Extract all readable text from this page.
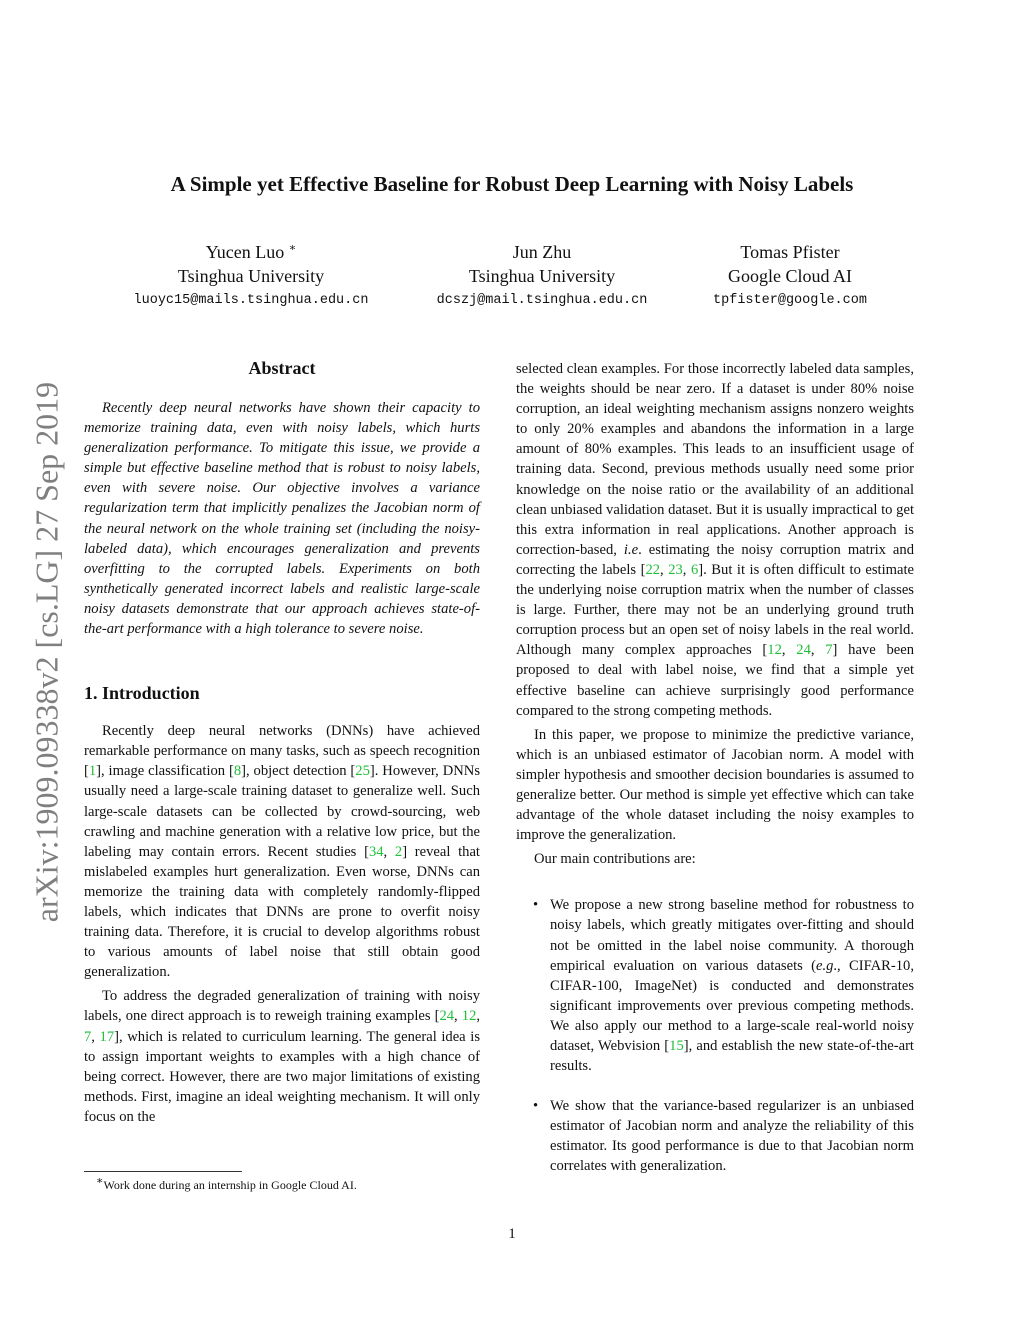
A Simple yet Effective Baseline for Robust Deep Learning with Noisy Labels
Yucen Luo ∗
Tsinghua University
luoyc15@mails.tsinghua.edu.cn
Jun Zhu
Tsinghua University
dcszj@mail.tsinghua.edu.cn
Tomas Pfister
Google Cloud AI
tpfister@google.com
arXiv:1909.09338v2 [cs.LG] 27 Sep 2019
Abstract

Recently deep neural networks have shown their capacity to memorize training data, even with noisy labels, which hurts generalization performance. To mitigate this issue, we provide a simple but effective baseline method that is robust to noisy labels, even with severe noise. Our objective involves a variance regularization term that implicitly penalizes the Jacobian norm of the neural network on the whole training set (including the noisy-labeled data), which encourages generalization and prevents overfitting to the corrupted labels. Experiments on both synthetically generated incorrect labels and realistic large-scale noisy datasets demonstrate that our approach achieves state-of-the-art performance with a high tolerance to severe noise.

1. Introduction

Recently deep neural networks (DNNs) have achieved remarkable performance on many tasks, such as speech recognition [1], image classification [8], object detection [25]. However, DNNs usually need a large-scale training dataset to generalize well. Such large-scale datasets can be collected by crowd-sourcing, web crawling and machine generation with a relative low price, but the labeling may contain errors. Recent studies [34, 2] reveal that mislabeled examples hurt generalization. Even worse, DNNs can memorize the training data with completely randomly-flipped labels, which indicates that DNNs are prone to overfit noisy training data. Therefore, it is crucial to develop algorithms robust to various amounts of label noise that still obtain good generalization.

To address the degraded generalization of training with noisy labels, one direct approach is to reweigh training examples [24, 12, 7, 17], which is related to curriculum learning. The general idea is to assign important weights to examples with a high chance of being correct. However, there are two major limitations of existing methods. First, imagine an ideal weighting mechanism. It will only focus on the

selected clean examples. For those incorrectly labeled data samples, the weights should be near zero. If a dataset is under 80% noise corruption, an ideal weighting mechanism assigns nonzero weights to only 20% examples and abandons the information in a large amount of 80% examples. This leads to an insufficient usage of training data. Second, previous methods usually need some prior knowledge on the noise ratio or the availability of an additional clean unbiased validation dataset. But it is usually impractical to get this extra information in real applications. Another approach is correction-based, i.e. estimating the noisy corruption matrix and correcting the labels [22, 23, 6]. But it is often difficult to estimate the underlying noise corruption matrix when the number of classes is large. Further, there may not be an underlying ground truth corruption process but an open set of noisy labels in the real world. Although many complex approaches [12, 24, 7] have been proposed to deal with label noise, we find that a simple yet effective baseline can achieve surprisingly good performance compared to the strong competing methods.

In this paper, we propose to minimize the predictive variance, which is an unbiased estimator of Jacobian norm. A model with simpler hypothesis and smoother decision boundaries is assumed to generalize better. Our method is simple yet effective which can take advantage of the whole dataset including the noisy examples to improve the generalization.

Our main contributions are:

• We propose a new strong baseline method for robustness to noisy labels, which greatly mitigates over-fitting and should not be omitted in the label noise community. A thorough empirical evaluation on various datasets (e.g., CIFAR-10, CIFAR-100, ImageNet) is conducted and demonstrates significant improvements over previous competing methods. We also apply our method to a large-scale real-world noisy dataset, Webvision [15], and establish the new state-of-the-art results.
• We show that the variance-based regularizer is an unbiased estimator of Jacobian norm and analyze the reliability of this estimator. Its good performance is due to that Jacobian norm correlates with generalization.
∗Work done during an internship in Google Cloud AI.
1
